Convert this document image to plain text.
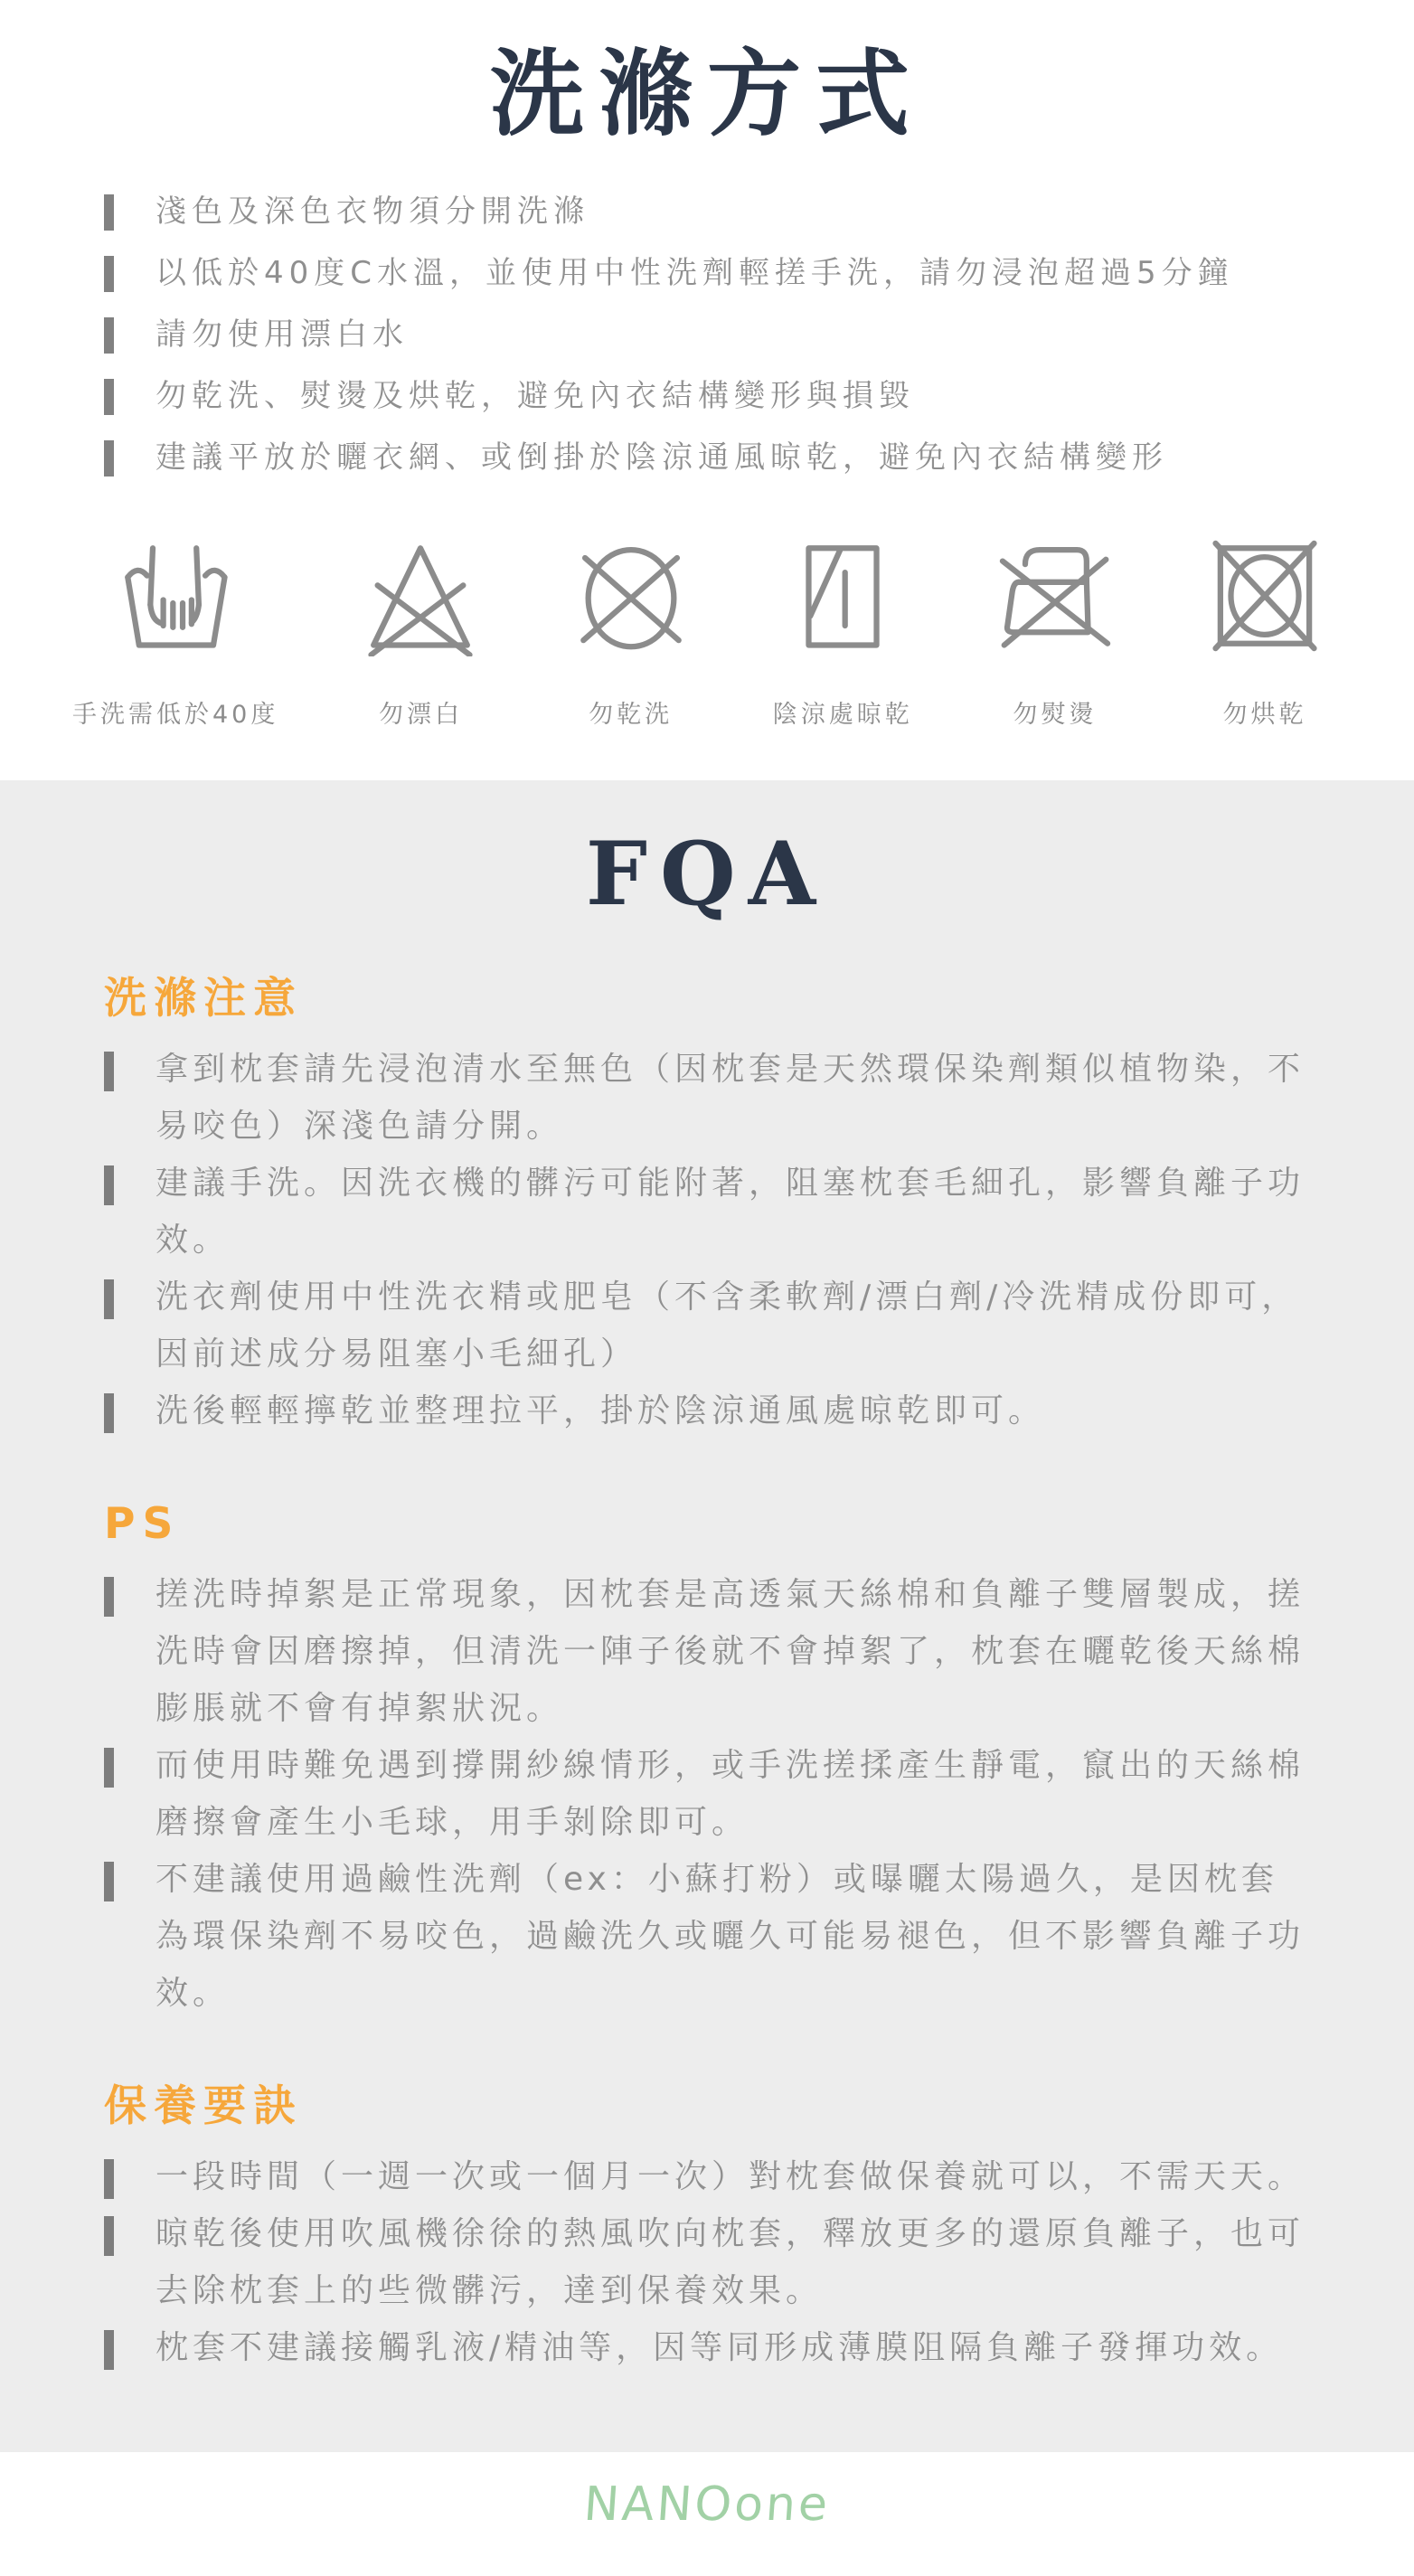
洗滌方式
淺色及深色衣物須分開洗滌
以低於40度C水溫，並使用中性洗劑輕搓手洗，請勿浸泡超過5分鐘
請勿使用漂白水
勿乾洗、熨燙及烘乾，避免內衣結構變形與損毀
建議平放於曬衣網、或倒掛於陰涼通風晾乾，避免內衣結構變形
手洗需低於40度	勿漂白	勿乾洗	陰涼處晾乾	勿熨燙	勿烘乾
FQA
洗滌注意
拿到枕套請先浸泡清水至無色（因枕套是天然環保染劑類似植物染，不易咬色）深淺色請分開。
建議手洗。因洗衣機的髒污可能附著，阻塞枕套毛細孔，影響負離子功效。
洗衣劑使用中性洗衣精或肥皂（不含柔軟劑/漂白劑/冷洗精成份即可，因前述成分易阻塞小毛細孔）
洗後輕輕擰乾並整理拉平，掛於陰涼通風處晾乾即可。
PS
搓洗時掉絮是正常現象，因枕套是高透氣天絲棉和負離子雙層製成，搓洗時會因磨擦掉，但清洗一陣子後就不會掉絮了，枕套在曬乾後天絲棉膨脹就不會有掉絮狀況。
而使用時難免遇到撐開紗線情形，或手洗搓揉產生靜電，竄出的天絲棉磨擦會產生小毛球，用手剝除即可。
不建議使用過鹼性洗劑（ex：小蘇打粉）或曝曬太陽過久，是因枕套為環保染劑不易咬色，過鹼洗久或曬久可能易褪色，但不影響負離子功效。
保養要訣
一段時間（一週一次或一個月一次）對枕套做保養就可以，不需天天。
晾乾後使用吹風機徐徐的熱風吹向枕套，釋放更多的還原負離子，也可去除枕套上的些微髒污，達到保養效果。
枕套不建議接觸乳液/精油等，因等同形成薄膜阻隔負離子發揮功效。
NANOone
